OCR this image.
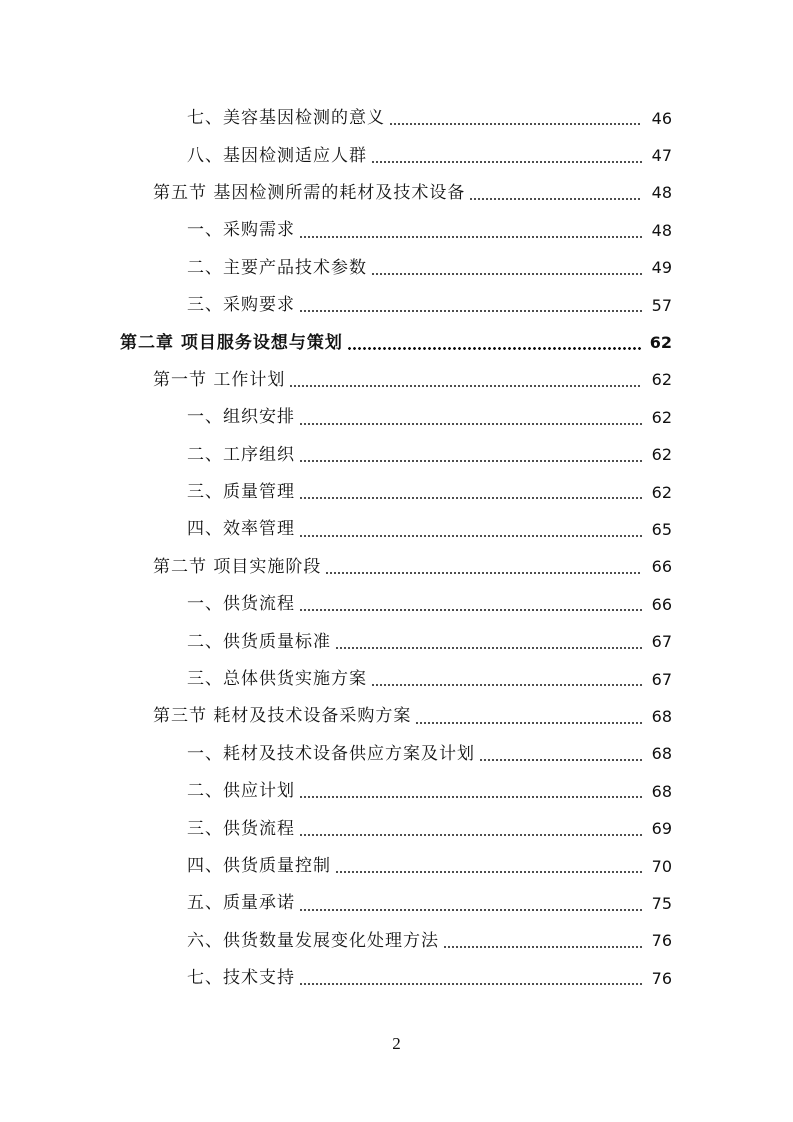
七、美容基因检测的意义	46
八、基因检测适应人群	47
第五节 基因检测所需的耗材及技术设备	48
一、采购需求	48
二、主要产品技术参数	49
三、采购要求	57
第二章 项目服务设想与策划	62
第一节 工作计划	62
一、组织安排	62
二、工序组织	62
三、质量管理	62
四、效率管理	65
第二节 项目实施阶段	66
一、供货流程	66
二、供货质量标准	67
三、总体供货实施方案	67
第三节 耗材及技术设备采购方案	68
一、耗材及技术设备供应方案及计划	68
二、供应计划	68
三、供货流程	69
四、供货质量控制	70
五、质量承诺	75
六、供货数量发展变化处理方法	76
七、技术支持	76
2
